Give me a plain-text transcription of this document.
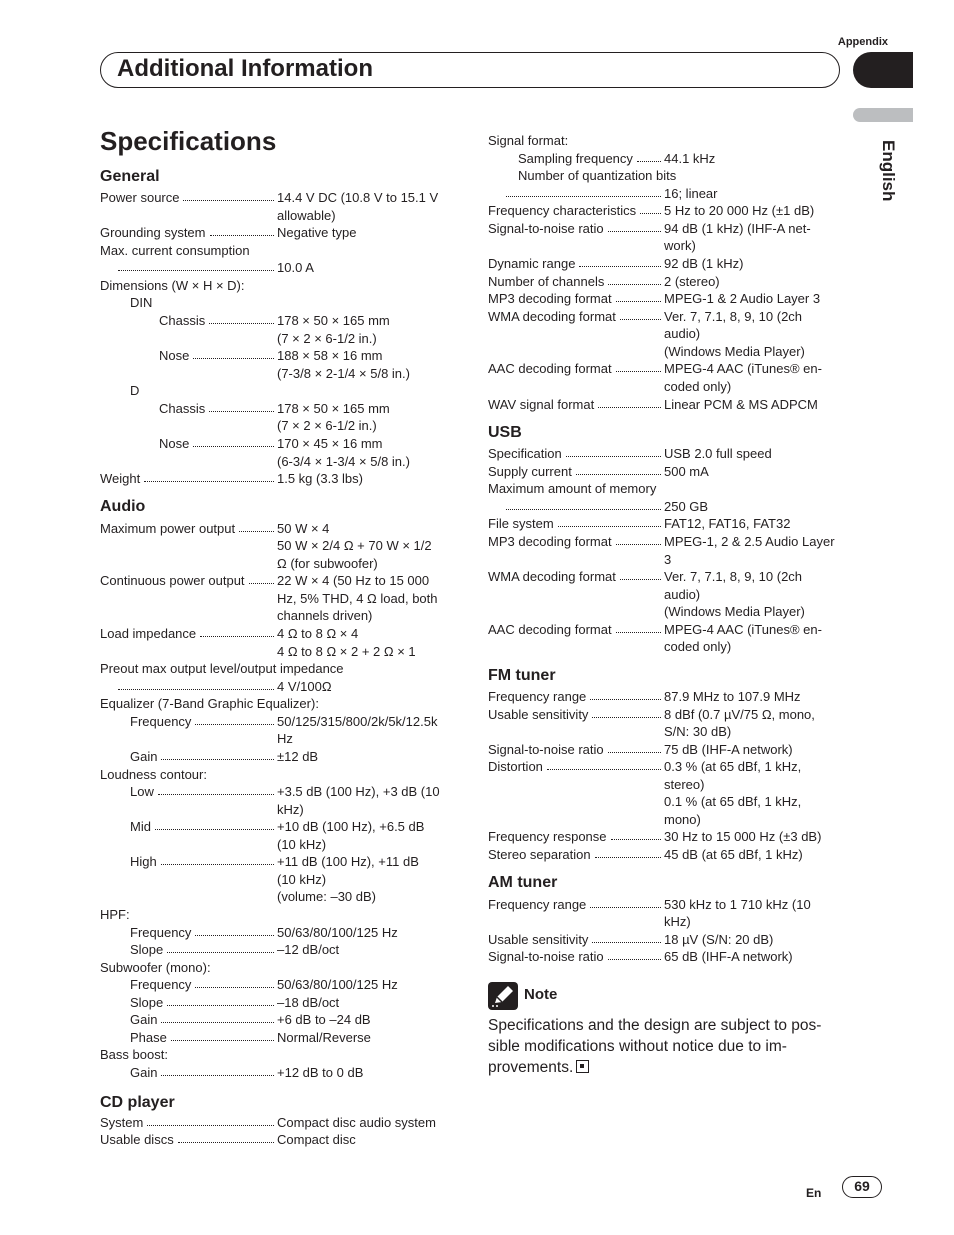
Appendix
Additional Information
English
Specifications
General
Power source	14.4 V DC (10.8 V to 15.1 V
allowable)
Grounding system	Negative type
Max. current consumption
10.0 A
Dimensions (W × H × D):
DIN
Chassis	178 × 50 × 165 mm
(7 × 2 × 6-1/2 in.)
Nose	188 × 58 × 16 mm
(7-3/8 × 2-1/4 × 5/8 in.)
D
Chassis	178 × 50 × 165 mm
(7 × 2 × 6-1/2 in.)
Nose	170 × 45 × 16 mm
(6-3/4 × 1-3/4 × 5/8 in.)
Weight	1.5 kg (3.3 lbs)
Audio
Maximum power output	50 W × 4
50 W × 2/4 Ω + 70 W × 1/2
Ω (for subwoofer)
Continuous power output 22 W × 4 (50 Hz to 15 000
Hz, 5% THD, 4 Ω load, both
channels driven)
Load impedance	4 Ω to 8 Ω × 4
4 Ω to 8 Ω × 2 + 2 Ω × 1
Preout max output level/output impedance
4 V/100Ω
Equalizer (7-Band Graphic Equalizer):
Frequency	50/125/315/800/2k/5k/12.5k
Hz
Gain	±12 dB
Loudness contour:
Low	+3.5 dB (100 Hz), +3 dB (10
kHz)
Mid	+10 dB (100 Hz), +6.5 dB
(10 kHz)
High	+11 dB (100 Hz), +11 dB
(10 kHz)
(volume: –30 dB)
HPF:
Frequency	50/63/80/100/125 Hz
Slope	–12 dB/oct
Subwoofer (mono):
Frequency	50/63/80/100/125 Hz
Slope	–18 dB/oct
Gain	+6 dB to –24 dB
Phase	Normal/Reverse
Bass boost:
Gain	+12 dB to 0 dB
CD player
System	Compact disc audio system
Usable discs	Compact disc
Signal format:
Sampling frequency 44.1 kHz
Number of quantization bits
16; linear
Frequency characteristics 5 Hz to 20 000 Hz (±1 dB)
Signal-to-noise ratio	94 dB (1 kHz) (IHF-A net-
work)
Dynamic range	92 dB (1 kHz)
Number of channels	2 (stereo)
MP3 decoding format	MPEG-1 & 2 Audio Layer 3
WMA decoding format	Ver. 7, 7.1, 8, 9, 10 (2ch
audio)
(Windows Media Player)
AAC decoding format	MPEG-4 AAC (iTunes® en-
coded only)
WAV signal format	Linear PCM & MS ADPCM
USB
Specification	USB 2.0 full speed
Supply current	500 mA
Maximum amount of memory
250 GB
File system	FAT12, FAT16, FAT32
MP3 decoding format	MPEG-1, 2 & 2.5 Audio Layer
3
WMA decoding format	Ver. 7, 7.1, 8, 9, 10 (2ch
audio)
(Windows Media Player)
AAC decoding format	MPEG-4 AAC (iTunes® en-
coded only)
FM tuner
Frequency range	87.9 MHz to 107.9 MHz
Usable sensitivity	8 dBf (0.7 µV/75 Ω, mono,
S/N: 30 dB)
Signal-to-noise ratio	75 dB (IHF-A network)
Distortion	0.3 % (at 65 dBf, 1 kHz,
stereo)
0.1 % (at 65 dBf, 1 kHz,
mono)
Frequency response	30 Hz to 15 000 Hz (±3 dB)
Stereo separation	45 dB (at 65 dBf, 1 kHz)
AM tuner
Frequency range	530 kHz to 1 710 kHz (10
kHz)
Usable sensitivity	18 µV (S/N: 20 dB)
Signal-to-noise ratio	65 dB (IHF-A network)
Note
Specifications and the design are subject to pos- sible modifications without notice due to im- provements.
En	69
